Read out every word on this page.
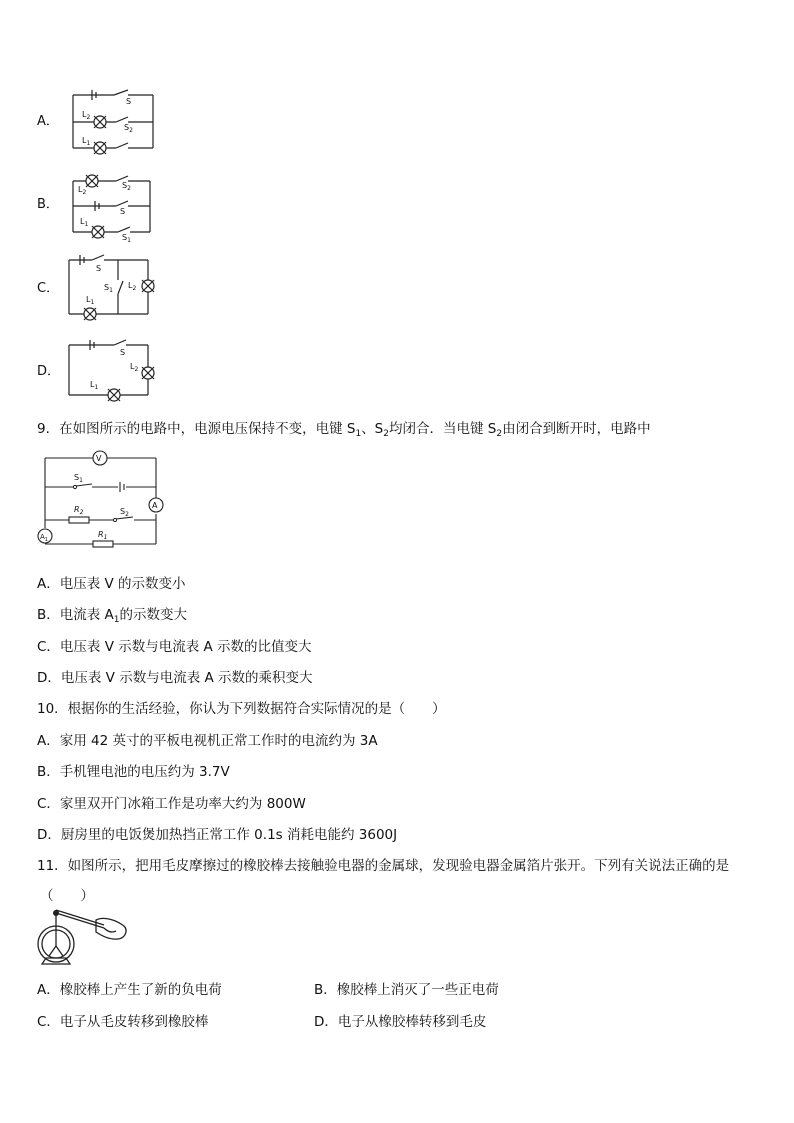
A．
S
$S_2$
$L_2$
$L_1$
B．
$S_2$
S
$S_1$
$L_2$
$L_1$
C．
S
$S_1$
$L_2$
$L_1$
D．
S
$L_2$
$L_1$
9．在如图所示的电路中，电源电压保持不变，电键 $S_1$、$S_2$均闭合．当电键 $S_2$由闭合到断开时，电路中
V
A
$A_1$
$S_1$
$R_2$	$S_2$
$R_1$
A．电压表 V 的示数变小
B．电流表 $A_1$的示数变大
C．电压表 V 示数与电流表 A 示数的比值变大
D．电压表 V 示数与电流表 A 示数的乘积变大
10．根据你的生活经验，你认为下列数据符合实际情况的是（　　）
A．家用 42 英寸的平板电视机正常工作时的电流约为 3A
B．手机锂电池的电压约为 3.7V
C．家里双开门冰箱工作是功率大约为 800W
D．厨房里的电饭煲加热挡正常工作 0.1s 消耗电能约 3600J
11．如图所示，把用毛皮摩擦过的橡胶棒去接触验电器的金属球，发现验电器金属箔片张开。下列有关说法正确的是
（　　）
A．橡胶棒上产生了新的负电荷	B．橡胶棒上消灭了一些正电荷
C．电子从毛皮转移到橡胶棒	D．电子从橡胶棒转移到毛皮
